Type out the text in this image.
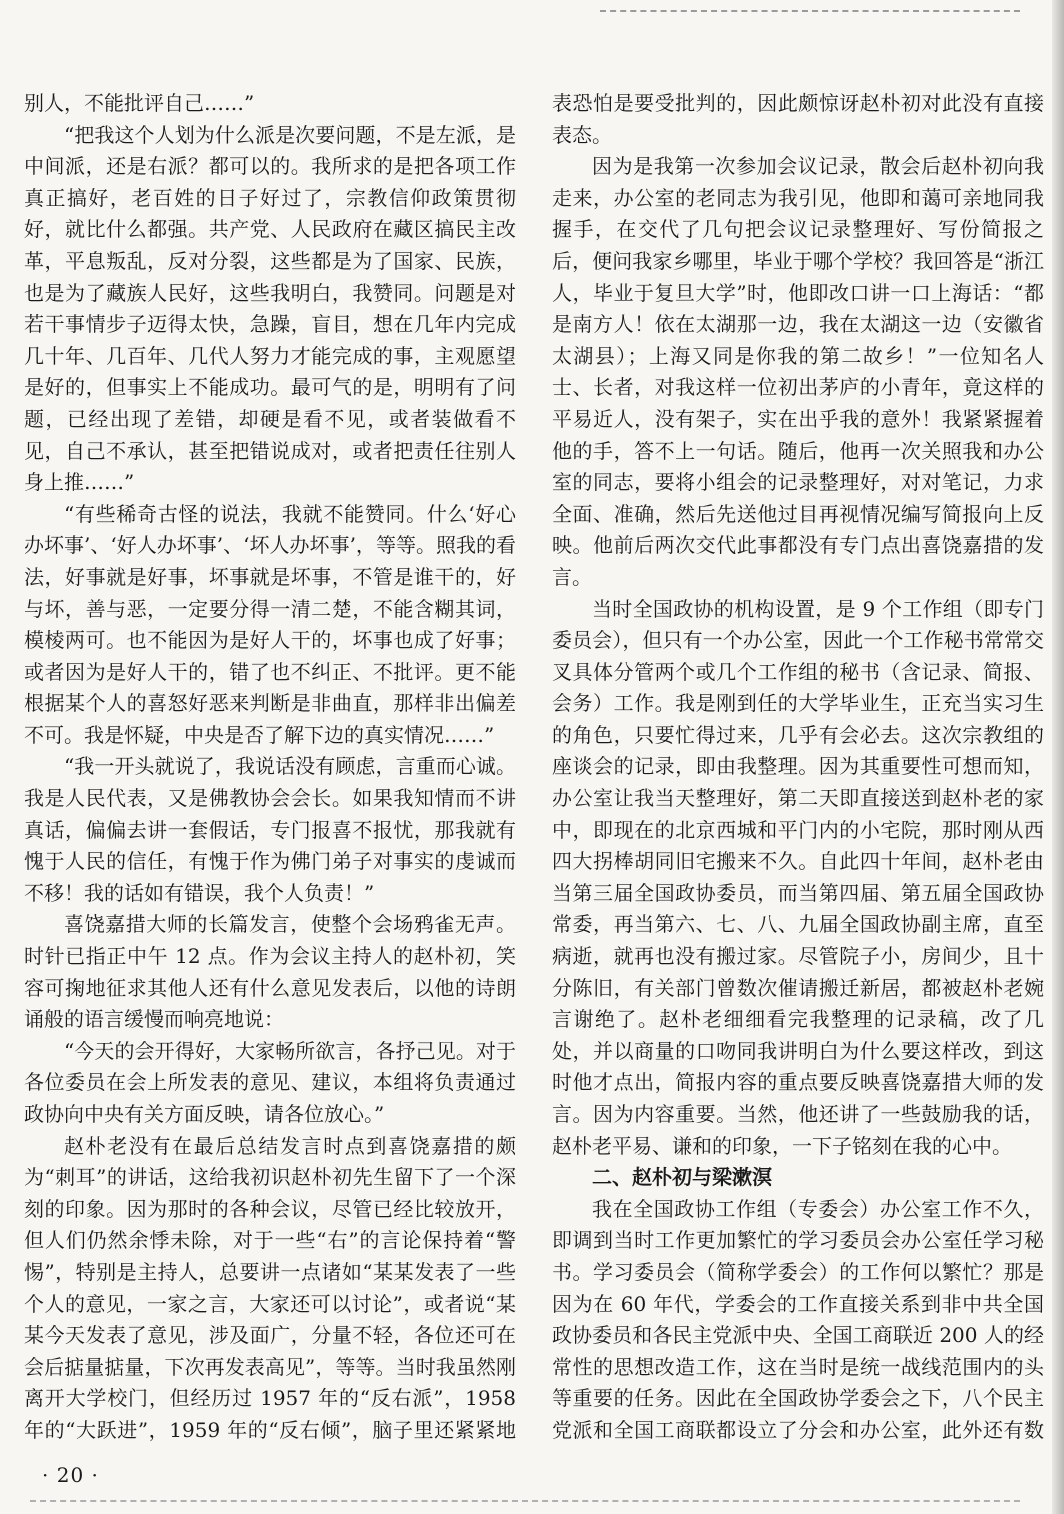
别人，不能批评自己……”

“把我这个人划为什么派是次要问题，不是左派，是中间派，还是右派？都可以的。我所求的是把各项工作真正搞好，老百姓的日子好过了，宗教信仰政策贯彻好，就比什么都强。共产党、人民政府在藏区搞民主改革，平息叛乱，反对分裂，这些都是为了国家、民族，也是为了藏族人民好，这些我明白，我赞同。问题是对若干事情步子迈得太快，急躁，盲目，想在几年内完成几十年、几百年、几代人努力才能完成的事，主观愿望是好的，但事实上不能成功。最可气的是，明明有了问题，已经出现了差错，却硬是看不见，或者装做看不见，自己不承认，甚至把错说成对，或者把责任往别人身上推……”

“有些稀奇古怪的说法，我就不能赞同。什么‘好心办坏事’、‘好人办坏事’、‘坏人办坏事’，等等。照我的看法，好事就是好事，坏事就是坏事，不管是谁干的，好与坏，善与恶，一定要分得一清二楚，不能含糊其词，模棱两可。也不能因为是好人干的，坏事也成了好事；或者因为是好人干的，错了也不纠正、不批评。更不能根据某个人的喜怒好恶来判断是非曲直，那样非出偏差不可。我是怀疑，中央是否了解下边的真实情况……”

“我一开头就说了，我说话没有顾虑，言重而心诚。我是人民代表，又是佛教协会会长。如果我知情而不讲真话，偏偏去讲一套假话，专门报喜不报忧，那我就有愧于人民的信任，有愧于作为佛门弟子对事实的虔诚而不移！我的话如有错误，我个人负责！”

喜饶嘉措大师的长篇发言，使整个会场鸦雀无声。时针已指正中午 12 点。作为会议主持人的赵朴初，笑容可掬地征求其他人还有什么意见发表后，以他的诗朗诵般的语言缓慢而响亮地说：

“今天的会开得好，大家畅所欲言，各抒己见。对于各位委员在会上所发表的意见、建议，本组将负责通过政协向中央有关方面反映，请各位放心。”

赵朴老没有在最后总结发言时点到喜饶嘉措的颇为“刺耳”的讲话，这给我初识赵朴初先生留下了一个深刻的印象。因为那时的各种会议，尽管已经比较放开，但人们仍然余悸未除，对于一些“右”的言论保持着“警惕”，特别是主持人，总要讲一点诸如“某某发表了一些个人的意见，一家之言，大家还可以讨论”，或者说“某某今天发表了意见，涉及面广，分量不轻，各位还可在会后掂量掂量，下次再发表高见”，等等。当时我虽然刚离开大学校门，但经历过 1957 年的“反右派”，1958 年的“大跃进”，1959 年的“反右倾”，脑子里还紧紧地

表恐怕是要受批判的，因此颇惊讶赵朴初对此没有直接表态。

因为是我第一次参加会议记录，散会后赵朴初向我走来，办公室的老同志为我引见，他即和蔼可亲地同我握手，在交代了几句把会议记录整理好、写份简报之后，便问我家乡哪里，毕业于哪个学校？我回答是“浙江人，毕业于复旦大学”时，他即改口讲一口上海话：“都是南方人！依在太湖那一边，我在太湖这一边（安徽省太湖县）；上海又同是你我的第二故乡！”一位知名人士、长者，对我这样一位初出茅庐的小青年，竟这样的平易近人，没有架子，实在出乎我的意外！我紧紧握着他的手，答不上一句话。随后，他再一次关照我和办公室的同志，要将小组会的记录整理好，对对笔记，力求全面、准确，然后先送他过目再视情况编写简报向上反映。他前后两次交代此事都没有专门点出喜饶嘉措的发言。

当时全国政协的机构设置，是 9 个工作组（即专门委员会），但只有一个办公室，因此一个工作秘书常常交叉具体分管两个或几个工作组的秘书（含记录、简报、会务）工作。我是刚到任的大学毕业生，正充当实习生的角色，只要忙得过来，几乎有会必去。这次宗教组的座谈会的记录，即由我整理。因为其重要性可想而知，办公室让我当天整理好，第二天即直接送到赵朴老的家中，即现在的北京西城和平门内的小宅院，那时刚从西四大拐棒胡同旧宅搬来不久。自此四十年间，赵朴老由当第三届全国政协委员，而当第四届、第五届全国政协常委，再当第六、七、八、九届全国政协副主席，直至病逝，就再也没有搬过家。尽管院子小，房间少，且十分陈旧，有关部门曾数次催请搬迁新居，都被赵朴老婉言谢绝了。赵朴老细细看完我整理的记录稿，改了几处，并以商量的口吻同我讲明白为什么要这样改，到这时他才点出，简报内容的重点要反映喜饶嘉措大师的发言。因为内容重要。当然，他还讲了一些鼓励我的话，赵朴老平易、谦和的印象，一下子铭刻在我的心中。

二、赵朴初与梁漱溟

我在全国政协工作组（专委会）办公室工作不久，即调到当时工作更加繁忙的学习委员会办公室任学习秘书。学习委员会（简称学委会）的工作何以繁忙？那是因为在 60 年代，学委会的工作直接关系到非中共全国政协委员和各民主党派中央、全国工商联近 200 人的经常性的思想改造工作，这在当时是统一战线范围内的头等重要的任务。因此在全国政协学委会之下，八个民主党派和全国工商联都设立了分会和办公室，此外还有数

· 20 ·
